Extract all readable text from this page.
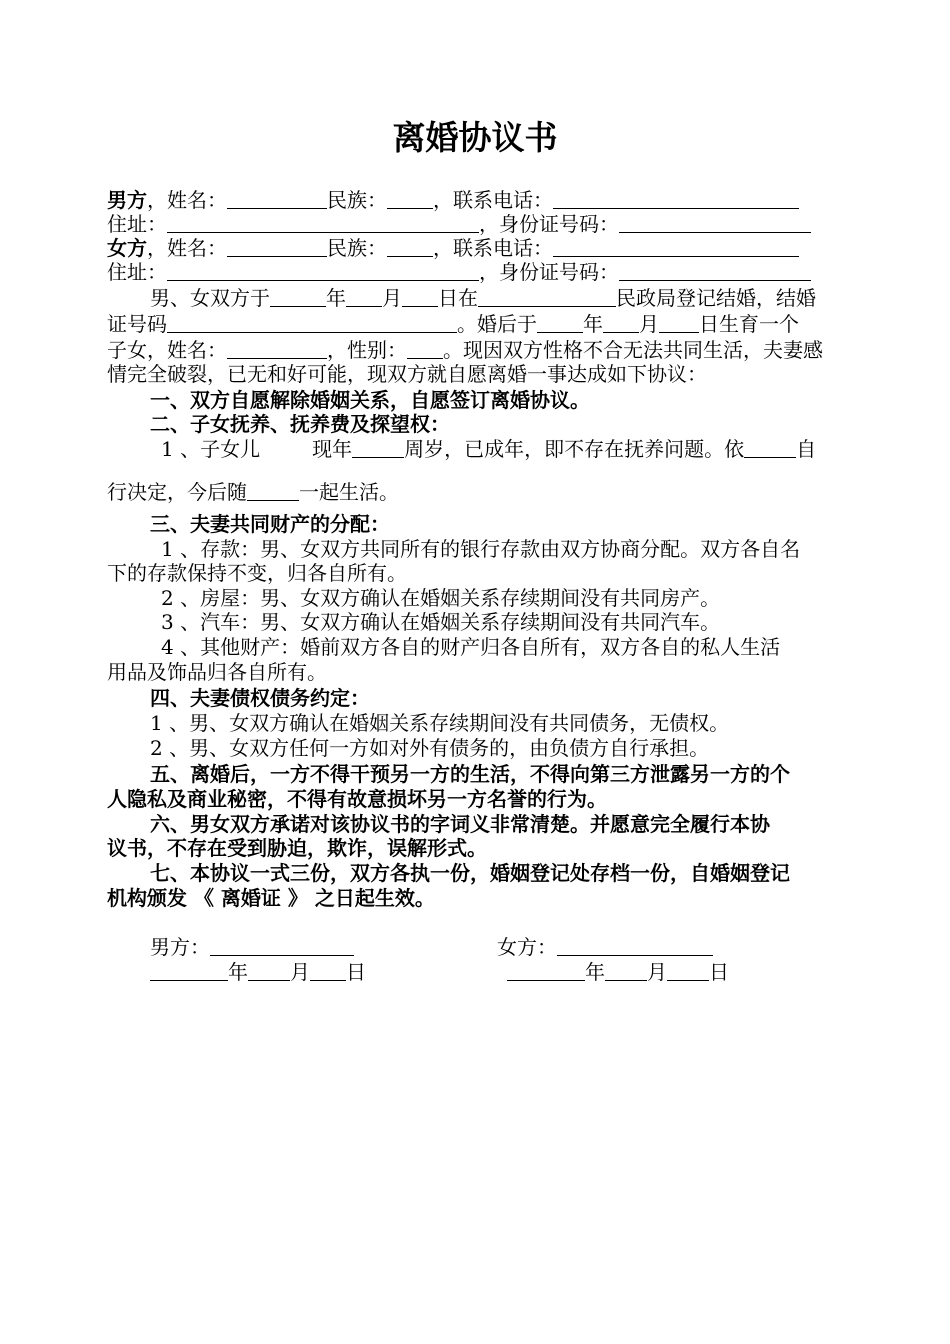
离婚协议书
男方，姓名：	民族： ，联系电话：
住址：	，身份证号码：
女方，姓名：	民族： ，联系电话：
住址：	，身份证号码：
男、女双方于	年 月 日在	民政局登记结婚，结婚
证号码	。婚后于 年 月 日生育一个
子女，姓名：	，性别： 。现因双方性格不合无法共同生活，夫妻感
情完全破裂，已无和好可能，现双方就自愿离婚一事达成如下协议：
一、双方自愿解除婚姻关系，自愿签订离婚协议。
二、子女抚养、抚养费及探望权：
1 、子女儿	现年	周岁，已成年，即不存在抚养问题。依	自
行决定，今后随	一起生活。
三、夫妻共同财产的分配：
1 、存款：男、女双方共同所有的银行存款由双方协商分配。双方各自名
下的存款保持不变，归各自所有。
2 、房屋：男、女双方确认在婚姻关系存续期间没有共同房产。
3 、汽车：男、女双方确认在婚姻关系存续期间没有共同汽车。
4 、其他财产：婚前双方各自的财产归各自所有，双方各自的私人生活
用品及饰品归各自所有。
四、夫妻债权债务约定：
1 、男、女双方确认在婚姻关系存续期间没有共同债务，无债权。
2 、男、女双方任何一方如对外有债务的，由负债方自行承担。
五、离婚后，一方不得干预另一方的生活，不得向第三方泄露另一方的个
人隐私及商业秘密，不得有故意损坏另一方名誉的行为。
六、男女双方承诺对该协议书的字词义非常清楚。并愿意完全履行本协
议书，不存在受到胁迫，欺诈，误解形式。
七、本协议一式三份，双方各执一份，婚姻登记处存档一份，自婚姻登记
机构颁发 《 离婚证 》 之日起生效。
男方：	女方：
年 月 日	年 月 日
